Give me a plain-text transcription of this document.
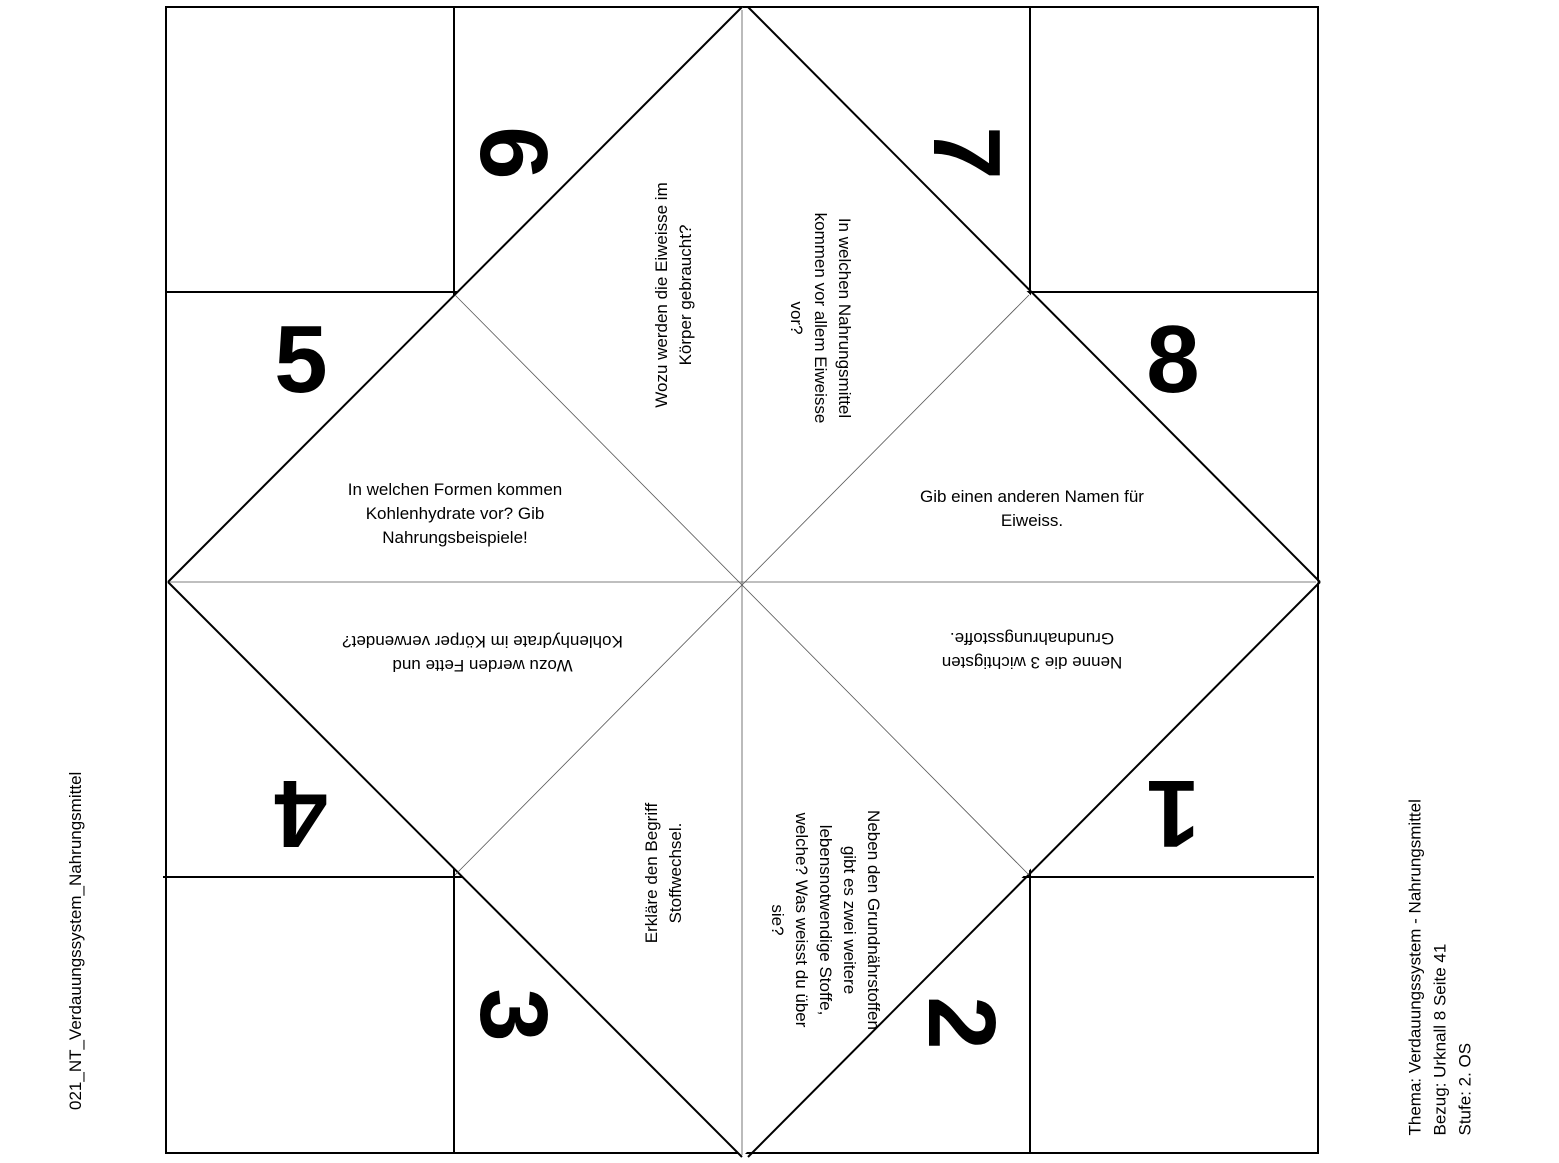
5	8
6	7
4	1
3	2
In welchen Formen kommen Kohlenhydrate vor? Gib Nahrungsbeispiele!
Wozu werden die Eiweisse im Körper gebraucht?	In welchen Nahrungsmittel kommen vor allem Eiweisse vor?
Gib einen anderen Namen für Eiweiss.
Nenne die 3 wichtigsten Grundnahrungsstoffe.
Neben den Grundnährstoffen gibt es zwei weitere lebensnotwendige Stoffe, welche? Was weisst du über sie?
Erkläre den Begriff Stoffwechsel.
Wozu werden Fette und Kohlenhydrate im Körper verwendet?
021_NT_Verdauungssystem_Nahrungsmittel	Thema: Verdauungssystem - Nahrungsmittel Bezug: Urknall 8 Seite 41 Stufe: 2. OS
